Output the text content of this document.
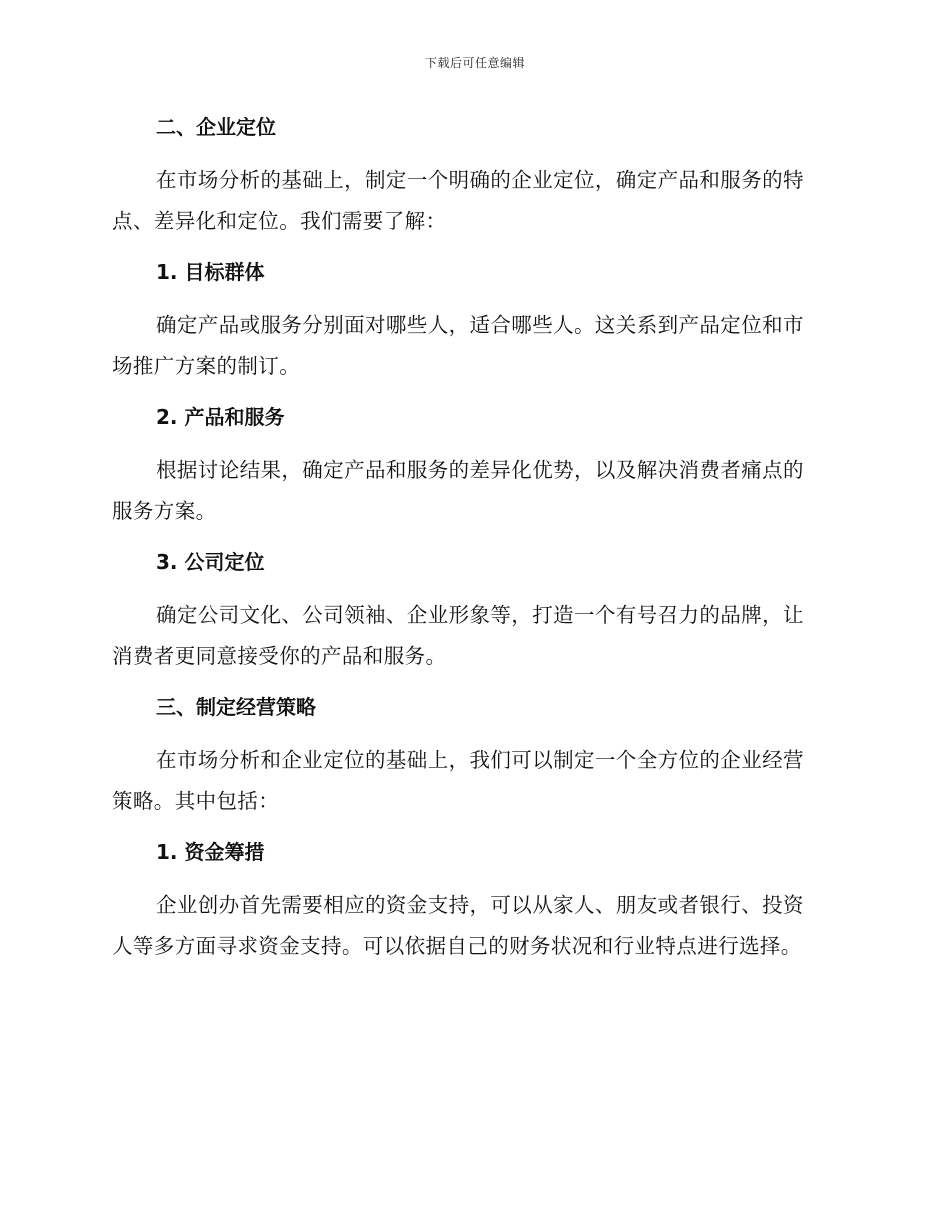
下载后可任意编辑
二、企业定位
在市场分析的基础上，制定一个明确的企业定位，确定产品和服务的特
点、差异化和定位。我们需要了解：
1. 目标群体
确定产品或服务分别面对哪些人，适合哪些人。这关系到产品定位和市
场推广方案的制订。
2. 产品和服务
根据讨论结果，确定产品和服务的差异化优势，以及解决消费者痛点的
服务方案。
3. 公司定位
确定公司文化、公司领袖、企业形象等，打造一个有号召力的品牌，让
消费者更同意接受你的产品和服务。
三、制定经营策略
在市场分析和企业定位的基础上，我们可以制定一个全方位的企业经营
策略。其中包括：
1. 资金筹措
企业创办首先需要相应的资金支持，可以从家人、朋友或者银行、投资
人等多方面寻求资金支持。可以依据自己的财务状况和行业特点进行选择。
